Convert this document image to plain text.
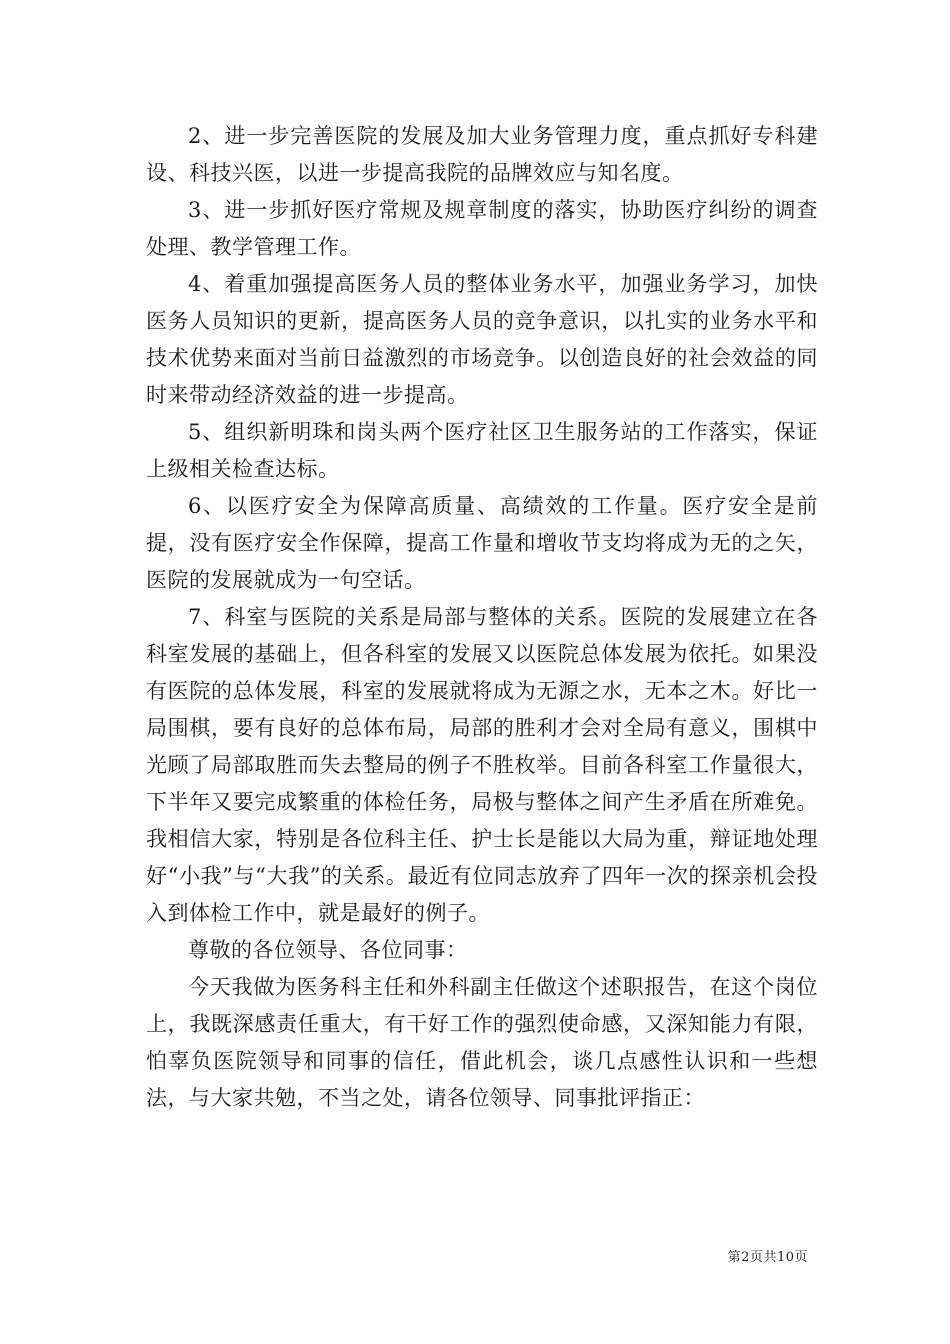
2、进一步完善医院的发展及加大业务管理力度，重点抓好专科建设、科技兴医，以进一步提高我院的品牌效应与知名度。

3、进一步抓好医疗常规及规章制度的落实，协助医疗纠纷的调查处理、教学管理工作。

4、着重加强提高医务人员的整体业务水平，加强业务学习，加快医务人员知识的更新，提高医务人员的竞争意识，以扎实的业务水平和技术优势来面对当前日益激烈的市场竞争。以创造良好的社会效益的同时来带动经济效益的进一步提高。

5、组织新明珠和岗头两个医疗社区卫生服务站的工作落实，保证上级相关检查达标。

6、以医疗安全为保障高质量、高绩效的工作量。医疗安全是前提，没有医疗安全作保障，提高工作量和增收节支均将成为无的之矢，医院的发展就成为一句空话。

7、科室与医院的关系是局部与整体的关系。医院的发展建立在各科室发展的基础上，但各科室的发展又以医院总体发展为依托。如果没有医院的总体发展，科室的发展就将成为无源之水，无本之木。好比一局围棋，要有良好的总体布局，局部的胜利才会对全局有意义，围棋中光顾了局部取胜而失去整局的例子不胜枚举。目前各科室工作量很大，下半年又要完成繁重的体检任务，局极与整体之间产生矛盾在所难免。我相信大家，特别是各位科主任、护士长是能以大局为重，辩证地处理好“小我”与“大我”的关系。最近有位同志放弃了四年一次的探亲机会投入到体检工作中，就是最好的例子。

尊敬的各位领导、各位同事：

今天我做为医务科主任和外科副主任做这个述职报告，在这个岗位上，我既深感责任重大，有干好工作的强烈使命感，又深知能力有限，怕辜负医院领导和同事的信任，借此机会，谈几点感性认识和一些想法，与大家共勉，不当之处，请各位领导、同事批评指正：

第2页共10页
